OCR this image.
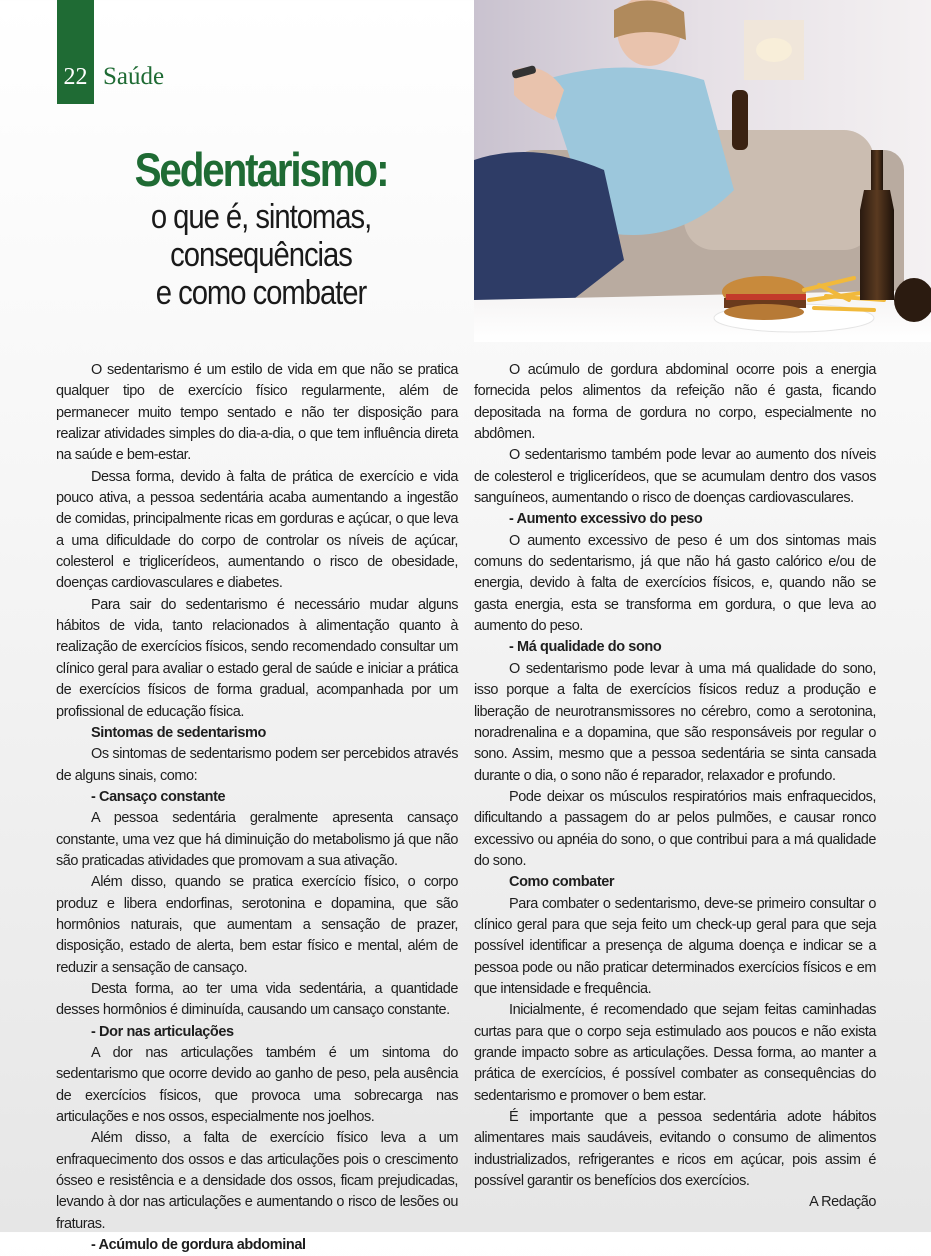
22 Saúde
Sedentarismo:
o que é, sintomas,
consequências
e como combater

O sedentarismo é um estilo de vida em que não se pratica qualquer tipo de exercício físico regularmente, além de permanecer muito tempo sentado e não ter disposição para realizar atividades simples do dia-a-dia, o que tem influência direta na saúde e bem-estar.

Dessa forma, devido à falta de prática de exercício e vida pouco ativa, a pessoa sedentária acaba aumentando a ingestão de comidas, principalmente ricas em gorduras e açúcar, o que leva a uma dificuldade do corpo de controlar os níveis de açúcar, colesterol e triglicerídeos, aumentando o risco de obesidade, doenças cardiovasculares e diabetes.

Para sair do sedentarismo é necessário mudar alguns hábitos de vida, tanto relacionados à alimentação quanto à realização de exercícios físicos, sendo recomendado consultar um clínico geral para avaliar o estado geral de saúde e iniciar a prática de exercícios físicos de forma gradual, acompanhada por um profissional de educação física.

Sintomas de sedentarismo

Os sintomas de sedentarismo podem ser percebidos através de alguns sinais, como:

- Cansaço constante

A pessoa sedentária geralmente apresenta cansaço constante, uma vez que há diminuição do metabolismo já que não são praticadas atividades que promovam a sua ativação.

Além disso, quando se pratica exercício físico, o corpo produz e libera endorfinas, serotonina e dopamina, que são hormônios naturais, que aumentam a sensação de prazer, disposição, estado de alerta, bem estar físico e mental, além de reduzir a sensação de cansaço.

Desta forma, ao ter uma vida sedentária, a quantidade desses hormônios é diminuída, causando um cansaço constante.

- Dor nas articulações

A dor nas articulações também é um sintoma do sedentarismo que ocorre devido ao ganho de peso, pela ausência de exercícios físicos, que provoca uma sobrecarga nas articulações e nos ossos, especialmente nos joelhos.

Além disso, a falta de exercício físico leva a um enfraquecimento dos ossos e das articulações pois o crescimento ósseo e resistência e a densidade dos ossos, ficam prejudicadas, levando à dor nas articulações e aumentando o risco de lesões ou fraturas.

- Acúmulo de gordura abdominal

O acúmulo de gordura abdominal ocorre pois a energia fornecida pelos alimentos da refeição não é gasta, ficando depositada na forma de gordura no corpo, especialmente no abdômen.

O sedentarismo também pode levar ao aumento dos níveis de colesterol e triglicerídeos, que se acumulam dentro dos vasos sanguíneos, aumentando o risco de doenças cardiovasculares.

- Aumento excessivo do peso

O aumento excessivo de peso é um dos sintomas mais comuns do sedentarismo, já que não há gasto calórico e/ou de energia, devido à falta de exercícios físicos, e, quando não se gasta energia, esta se transforma em gordura, o que leva ao aumento do peso.

- Má qualidade do sono

O sedentarismo pode levar à uma má qualidade do sono, isso porque a falta de exercícios físicos reduz a produção e liberação de neurotransmissores no cérebro, como a serotonina, noradrenalina e a dopamina, que são responsáveis por regular o sono. Assim, mesmo que a pessoa sedentária se sinta cansada durante o dia, o sono não é reparador, relaxador e profundo.

Pode deixar os músculos respiratórios mais enfraquecidos, dificultando a passagem do ar pelos pulmões, e causar ronco excessivo ou apnéia do sono, o que contribui para a má qualidade do sono.

Como combater

Para combater o sedentarismo, deve-se primeiro consultar o clínico geral para que seja feito um check-up geral para que seja possível identificar a presença de alguma doença e indicar se a pessoa pode ou não praticar determinados exercícios físicos e em que intensidade e frequência.

Inicialmente, é recomendado que sejam feitas caminhadas curtas para que o corpo seja estimulado aos poucos e não exista grande impacto sobre as articulações. Dessa forma, ao manter a prática de exercícios, é possível combater as consequências do sedentarismo e promover o bem estar.

É importante que a pessoa sedentária adote hábitos alimentares mais saudáveis, evitando o consumo de alimentos industrializados, refrigerantes e ricos em açúcar, pois assim é possível garantir os benefícios dos exercícios.

A Redação
